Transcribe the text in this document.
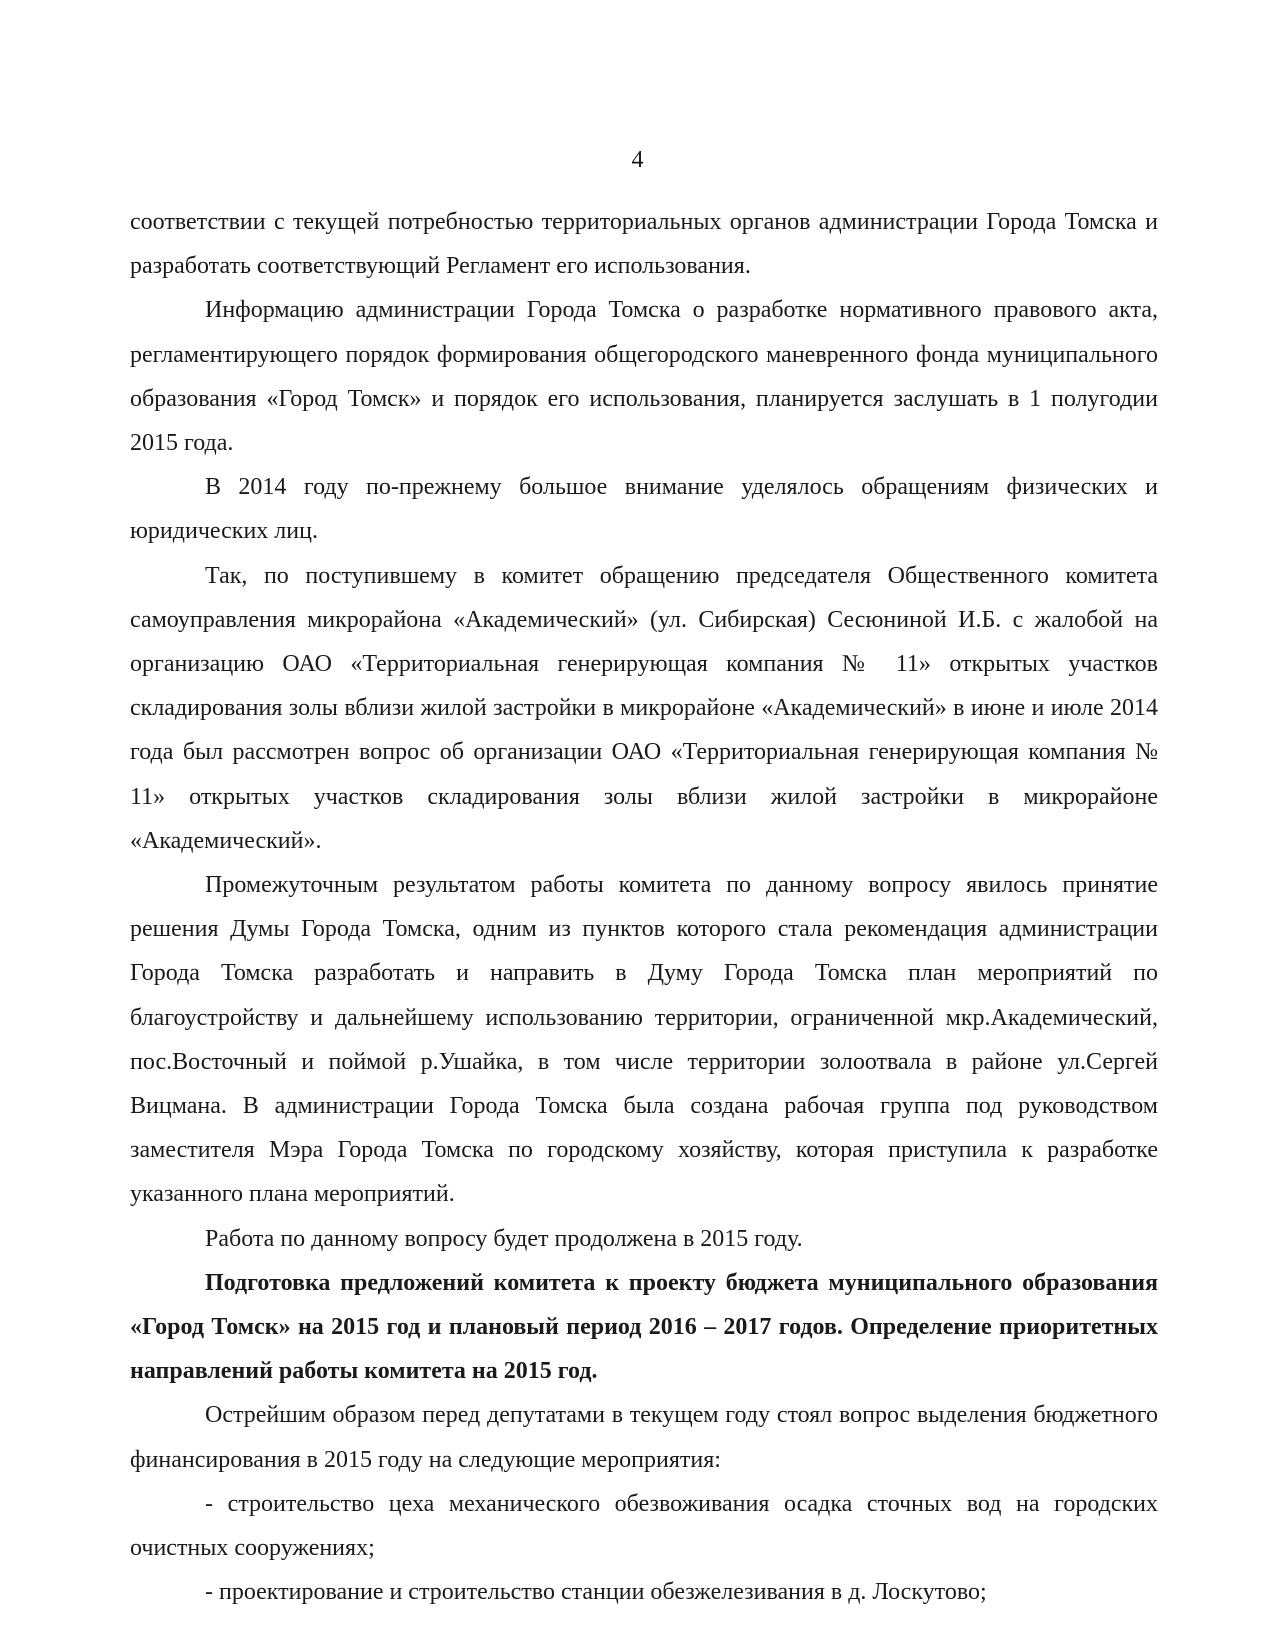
4

соответствии с текущей потребностью территориальных органов администрации Города Томска и разработать соответствующий Регламент его использования.

Информацию администрации Города Томска о разработке нормативного правового акта, регламентирующего порядок формирования общегородского маневренного фонда муниципального образования «Город Томск» и порядок его использования, планируется заслушать в 1 полугодии 2015 года.

В 2014 году по-прежнему большое внимание уделялось обращениям физических и юридических лиц.

Так, по поступившему в комитет обращению председателя Общественного комитета самоуправления микрорайона «Академический» (ул. Сибирская) Сесюниной И.Б. с жалобой на организацию ОАО «Территориальная генерирующая компания № 11» открытых участков складирования золы вблизи жилой застройки в микрорайоне «Академический» в июне и июле 2014 года был рассмотрен вопрос об организации ОАО «Территориальная генерирующая компания № 11» открытых участков складирования золы вблизи жилой застройки в микрорайоне «Академический».

Промежуточным результатом работы комитета по данному вопросу явилось принятие решения Думы Города Томска, одним из пунктов которого стала рекомендация администрации Города Томска разработать и направить в Думу Города Томска план мероприятий по благоустройству и дальнейшему использованию территории, ограниченной мкр.Академический, пос.Восточный и поймой р.Ушайка, в том числе территории золоотвала в районе ул.Сергей Вицмана. В администрации Города Томска была создана рабочая группа под руководством заместителя Мэра Города Томска по городскому хозяйству, которая приступила к разработке указанного плана мероприятий.

Работа по данному вопросу будет продолжена в 2015 году.

Подготовка предложений комитета к проекту бюджета муниципального образования «Город Томск» на 2015 год и плановый период 2016 – 2017 годов. Определение приоритетных направлений работы комитета на 2015 год.

Острейшим образом перед депутатами в текущем году стоял вопрос выделения бюджетного финансирования в 2015 году на следующие мероприятия:

- строительство цеха механического обезвоживания осадка сточных вод на городских очистных сооружениях;

- проектирование и строительство станции обезжелезивания в д. Лоскутово;
